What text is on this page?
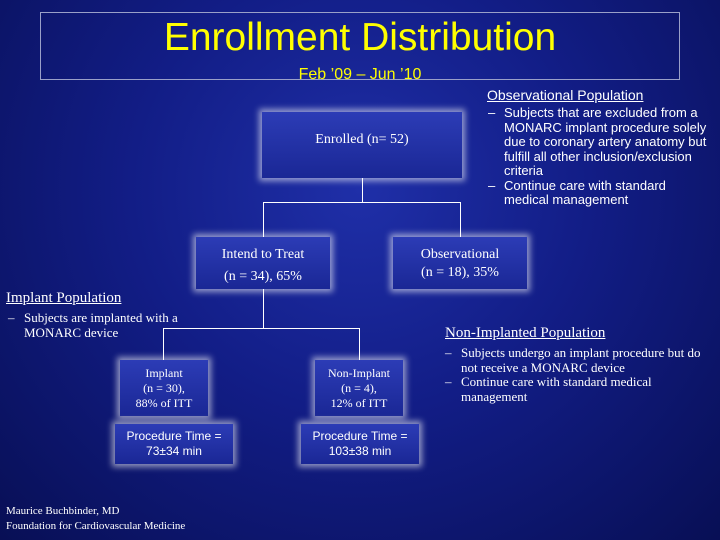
Enrollment Distribution
Feb ’09 – Jun ’10
Enrolled (n= 52)
Intend to Treat
(n = 34), 65%
Observational
(n = 18), 35%
Implant
(n = 30),
88% of ITT
Non-Implant
(n = 4),
12% of ITT
Procedure Time =
73±34 min
Procedure Time =
103±38 min
Observational Population
– Subjects that are excluded from a MONARC implant procedure solely due to coronary artery anatomy but fulfill all other inclusion/exclusion criteria
– Continue care with standard medical management
Implant Population
– Subjects are implanted with a MONARC device	Non-Implanted Population
– Subjects undergo an implant procedure but do not receive a MONARC device
– Continue care with standard medical management
Maurice Buchbinder, MD
Foundation for Cardiovascular Medicine
